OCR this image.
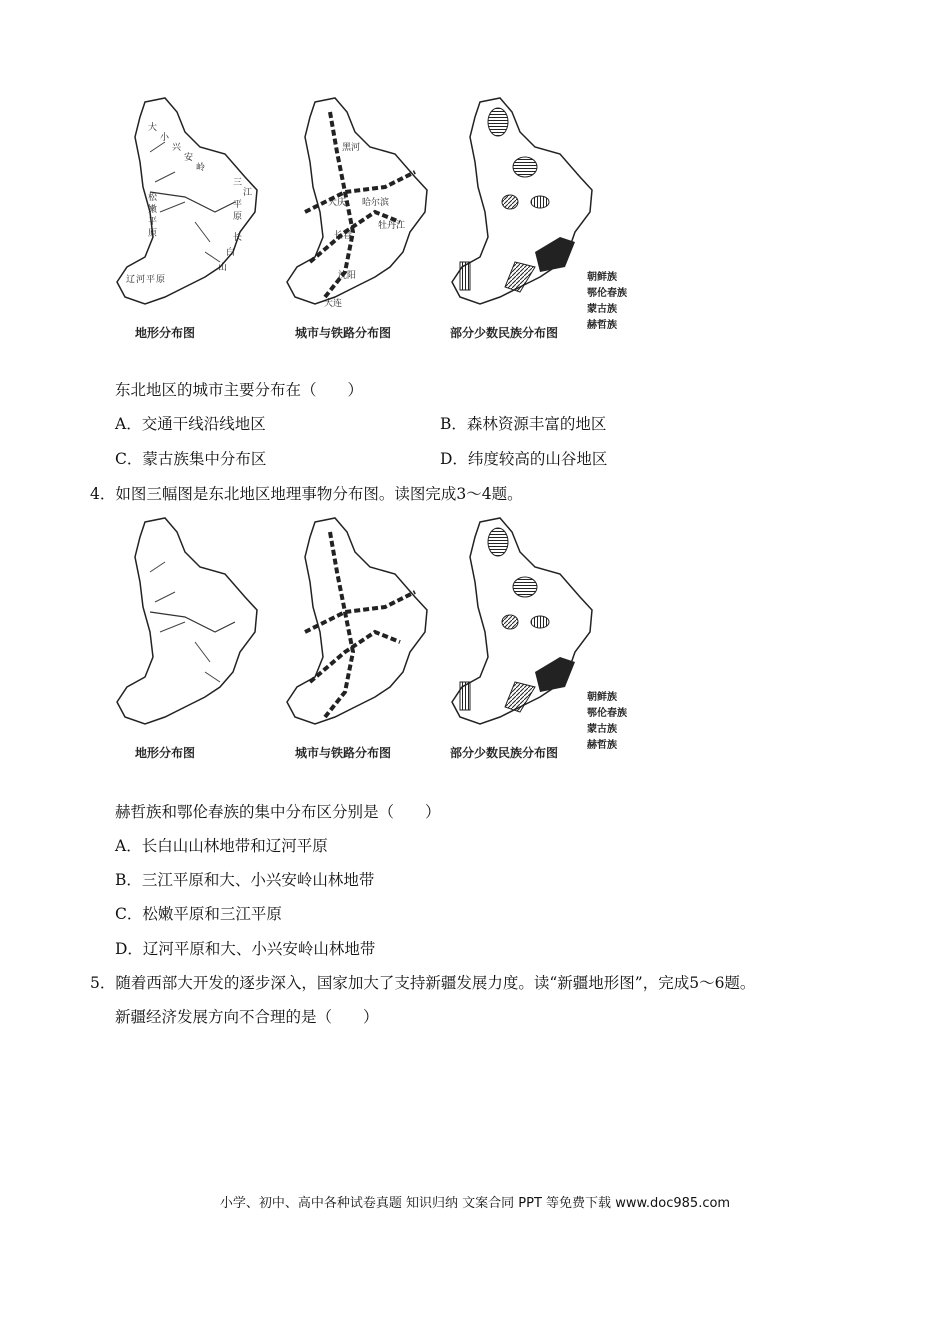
地形分布图	城市与铁路分布图	部分少数民族分布图
朝鲜族
鄂伦春族
蒙古族
赫哲族
东北地区的城市主要分布在（　　）
A．交通干线沿线地区	B．森林资源丰富的地区
C．蒙古族集中分布区	D．纬度较高的山谷地区
4．如图三幅图是东北地区地理事物分布图。读图完成3～4题。
地形分布图	城市与铁路分布图	部分少数民族分布图
朝鲜族
鄂伦春族
蒙古族
赫哲族
赫哲族和鄂伦春族的集中分布区分别是（　　）
A．长白山山林地带和辽河平原
B．三江平原和大、小兴安岭山林地带
C．松嫩平原和三江平原
D．辽河平原和大、小兴安岭山林地带
5．随着西部大开发的逐步深入，国家加大了支持新疆发展力度。读“新疆地形图”，完成5～6题。
新疆经济发展方向不合理的是（　　）
小学、初中、高中各种试卷真题 知识归纳 文案合同 PPT 等免费下载 www.doc985.com
大
小
兴
安
岭
松
嫩
平
原
三
江
平
原
长
白
山
辽 河 平 原
黑河
大庆 哈尔滨
长春
牡丹江
沈阳
大连
